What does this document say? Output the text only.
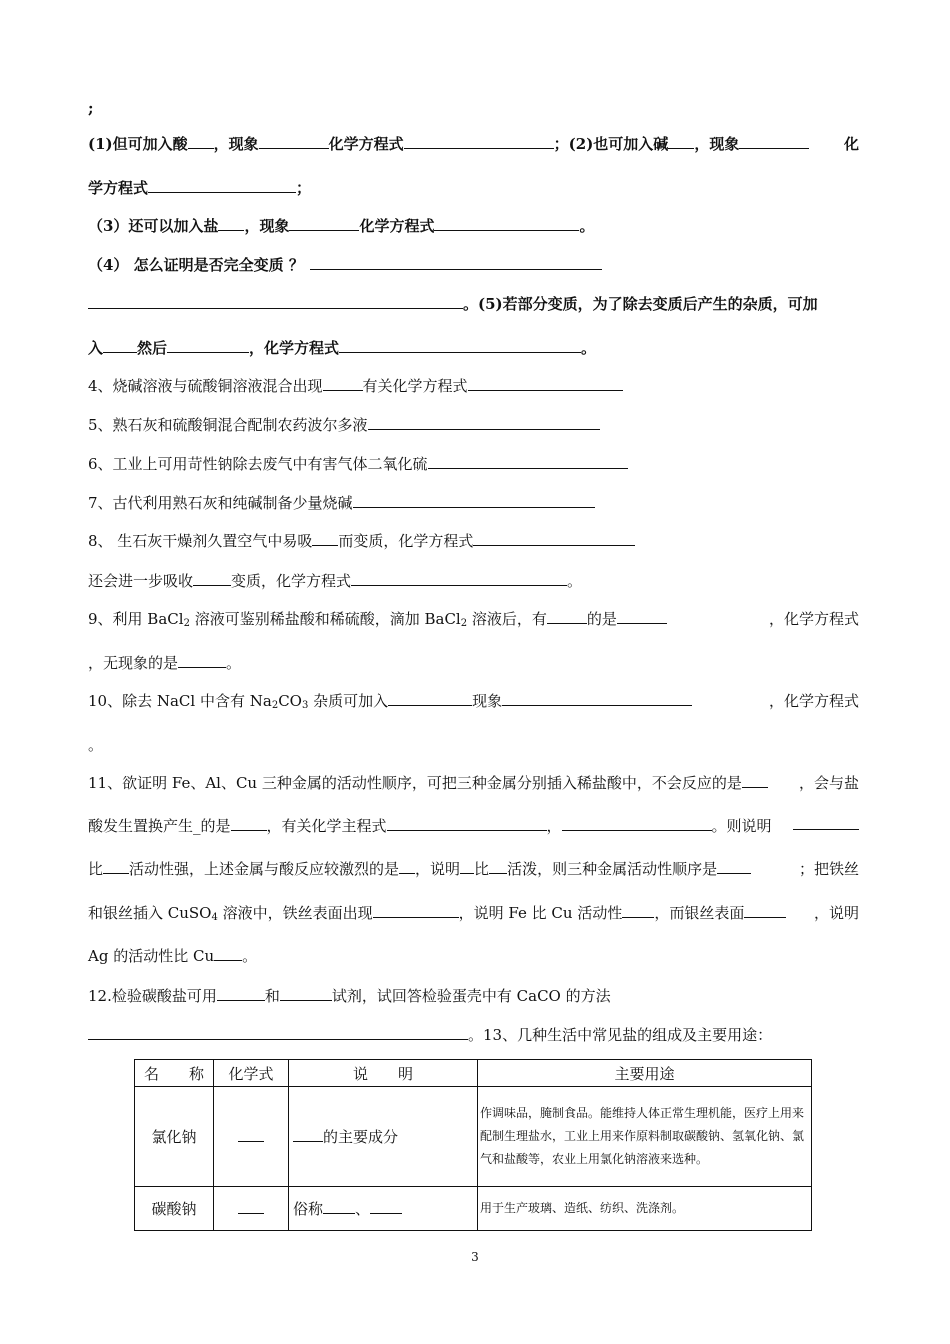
;
(1)但可加入酸 ，现象	化学方程式	；(2)也可加入碱 ，现象	化
学方程式	；
（3）还可以加入盐 ，现象	化学方程式	。
（4） 怎么证明是否完全变质 ？
。(5)若部分变质，为了除去变质后产生的杂质，可加
入 然后	，化学方程式	。
4、烧碱溶液与硫酸铜溶液混合出现	有关化学方程式
5、熟石灰和硫酸铜混合配制农药波尔多液
6、工业上可用苛性钠除去废气中有害气体二氧化硫
7、古代利用熟石灰和纯碱制备少量烧碱
8、 生石灰干燥剂久置空气中易吸 而变质，化学方程式
还会进一步吸收	变质，化学方程式	。
9、利用 BaCl$_2$ 溶液可鉴别稀盐酸和稀硫酸，滴加 BaCl$_2$ 溶液后，有	的是	，化学方程式
，无现象的是	。
10、除去 NaCl 中含有 $Na_2CO_3$ 杂质可加入	现象	，化学方程式
。
11、欲证明 Fe、Al、Cu 三种金属的活动性顺序，可把三种金属分别插入稀盐酸中，不会反应的是	，会与盐
酸发生置换产生_的是 ，有关化学主程式	，	。则说明
比 活动性强，上述金属与酸反应较激烈的是 ，说明 比 活泼，则三种金属活动性顺序是	；把铁丝
和银丝插入 CuSO$_4$ 溶液中，铁丝表面出现	，说明 Fe 比 Cu 活动性 ，而银丝表面	，说明
Ag 的活动性比 Cu 。
12.检验碳酸盐可用	和	试剂，试回答检验蛋壳中有 CaCO 的方法
。13、几种生活中常见盐的组成及主要用途：
名　　称	化学式	说　　明	主要用途
氯化钠		的主要成分	作调味品，腌制食品。能维持人体正常生理机能，医疗上用来配制生理盐水，工业上用来作原料制取碳酸钠、氢氧化钠、氯气和盐酸等，农业上用氯化钠溶液来选种。
碳酸钠		俗称 、	用于生产玻璃、造纸、纺织、洗涤剂。
3
